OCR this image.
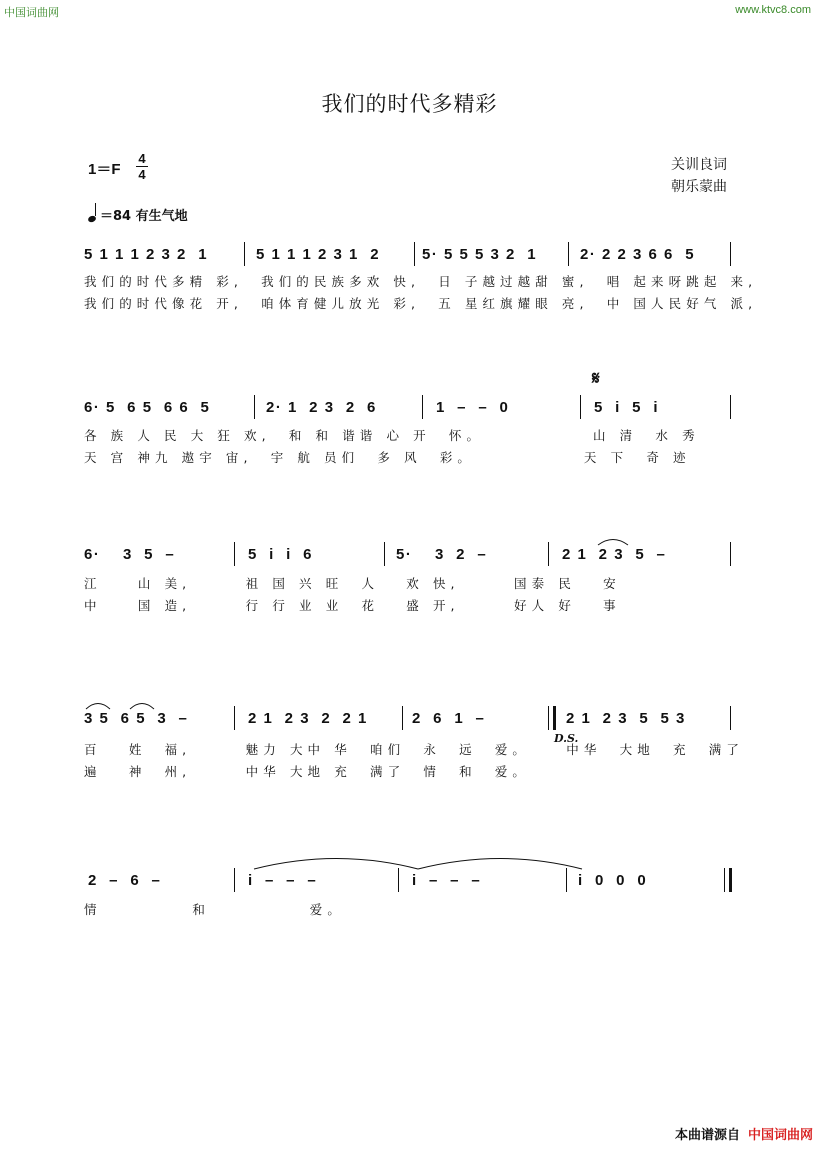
中国词曲网	www.ktvc8.com
我们的时代多精彩
1＝F
4
4
关训良词
朝乐蒙曲
＝84 有生气地
5 1 1 1 2 3 2  1	5 1 1 1 2 3 1  2	5· 5 5 5 3 2  1	2· 2 2 3 6 6  5
我们的时代多精 彩,  我们的民族多欢 快,  日 子越过越甜 蜜,  唱 起来呀跳起 来,
我们的时代像花 开,  咱体育健儿放光 彩,  五 星红旗耀眼 亮,  中 国人民好气 派,
𝄋
6· 5  6 5  6 6  5	2· 1  2 3  2  6	1  –  –  0	5  i  5  i
各 族 人 民 大 狂 欢,  和 和 谐谐 心 开  怀。            山 清  水 秀
天 宫 神九 遨宇 宙,  宇 航 员们  多 风  彩。            天 下  奇 迹
6·    3  5  –	5  i  i  6	5·    3  2  –	2 1  2 3  5  –
江    山 美,      祖 国 兴 旺  人   欢 快,      国泰 民   安
中    国 造,      行 行 业 业  花   盛 开,      好人 好   事
3 5  6 5  3  –	2 1  2 3  2  2 1	2  6  1  –	2 1  2 3  5  5 3
D.S.
百   姓  福,      魅力 大中 华  咱们  永  远  爱。    中华  大地  充  满了
遍   神  州,      中华 大地 充  满了  情  和  爱。
2  –  6  –	i  –  –  –	i  –  –  –	i  0  0  0
情          和           爱。
本曲谱源自 中国词曲网
